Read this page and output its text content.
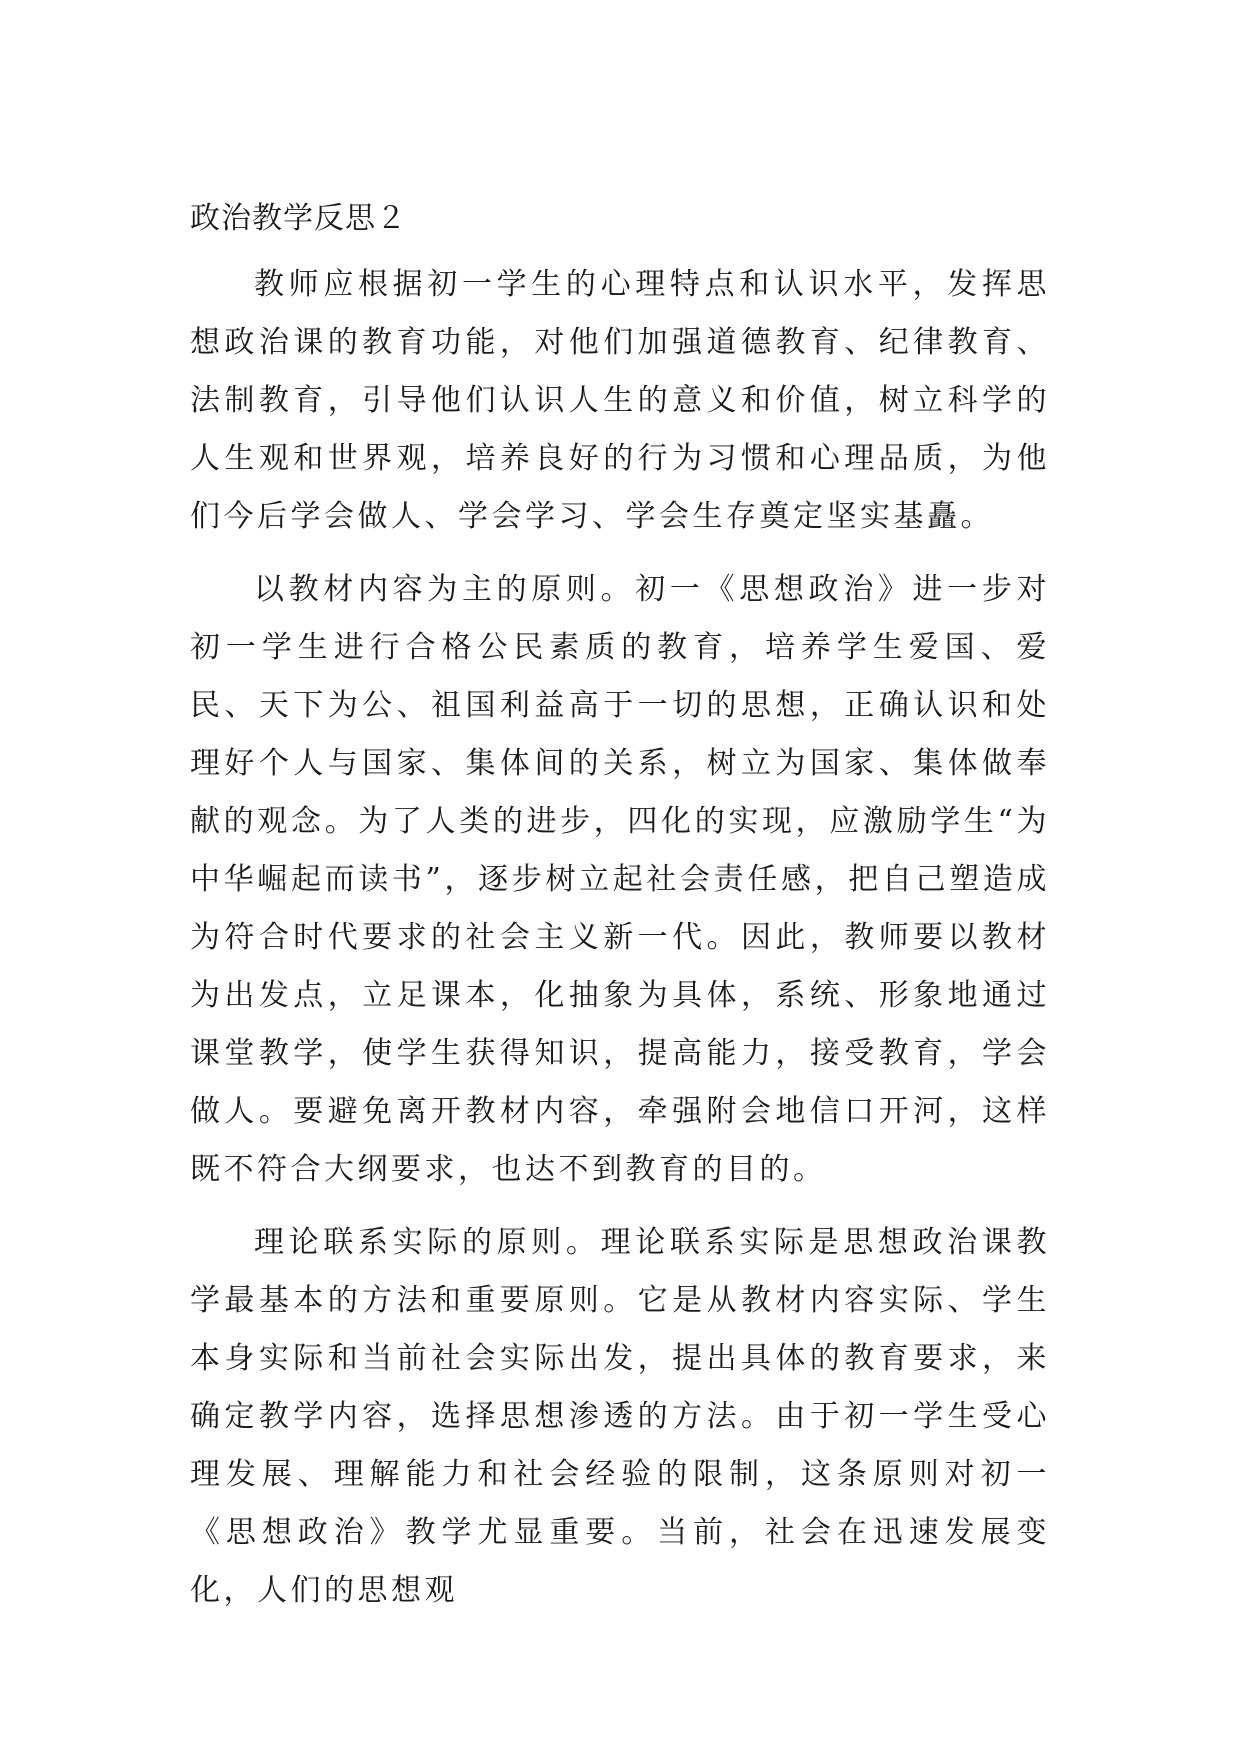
政治教学反思２

教师应根据初一学生的心理特点和认识水平，发挥思想政治课的教育功能，对他们加强道德教育、纪律教育、法制教育，引导他们认识人生的意义和价值，树立科学的人生观和世界观，培养良好的行为习惯和心理品质，为他们今后学会做人、学会学习、学会生存奠定坚实基矗。

以教材内容为主的原则。初一《思想政治》进一步对初一学生进行合格公民素质的教育，培养学生爱国、爱民、天下为公、祖国利益高于一切的思想，正确认识和处理好个人与国家、集体间的关系，树立为国家、集体做奉献的观念。为了人类的进步，四化的实现，应激励学生“为中华崛起而读书”，逐步树立起社会责任感，把自己塑造成为符合时代要求的社会主义新一代。因此，教师要以教材为出发点，立足课本，化抽象为具体，系统、形象地通过课堂教学，使学生获得知识，提高能力，接受教育，学会做人。要避免离开教材内容，牵强附会地信口开河，这样既不符合大纲要求，也达不到教育的目的。

理论联系实际的原则。理论联系实际是思想政治课教学最基本的方法和重要原则。它是从教材内容实际、学生本身实际和当前社会实际出发，提出具体的教育要求，来确定教学内容，选择思想渗透的方法。由于初一学生受心理发展、理解能力和社会经验的限制，这条原则对初一《思想政治》教学尤显重要。当前，社会在迅速发展变化，人们的思想观
